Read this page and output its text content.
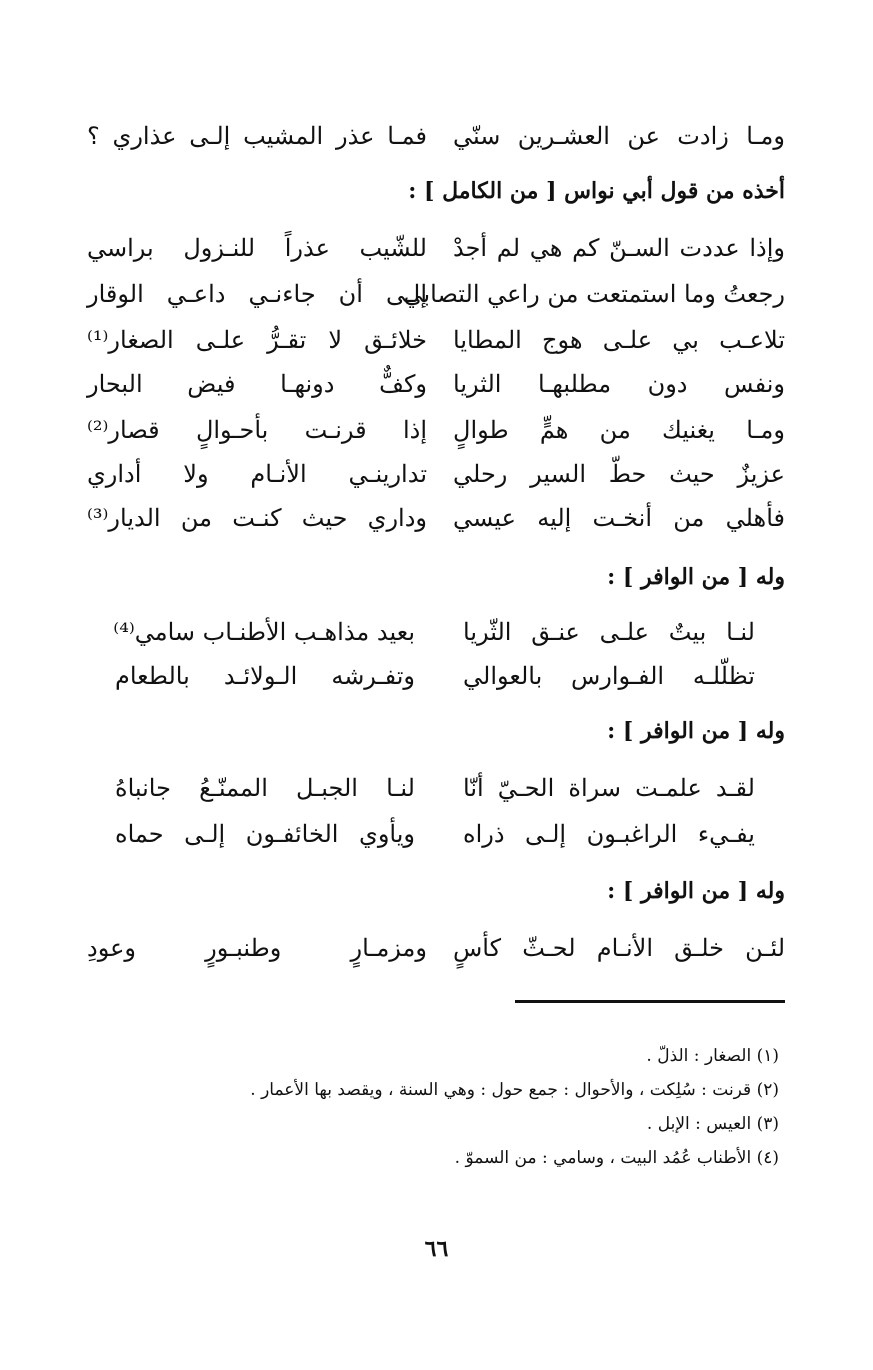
ومـا زادت عن العشـرين سنّي
فمـا عذر المشيب إلـى عذاري ؟
أخذه من قول أبي نواس [ من الكامل ] :
وإذا عددت السـنّ كم هي لم أجدْ
للشّيب عذراً للنـزول براسي
رجعتُ وما استمتعت من راعي التصابي
إلـى أن جاءنـي داعـي الوقار
تلاعـب بي علـى هوج المطايا
خلائـق لا تقـرُّ علـى الصغار⁽¹⁾
ونفس دون مطلبهـا الثريا
وكفٌّ دونهـا فيض البحار
ومـا يغنيك من همٍّ طوالٍ
إذا قرنـت بأحـوالٍ قصار⁽²⁾
عزيزٌ حيث حطّ السير رحلي
تدارينـي الأنـام ولا أداري
فأهلي من أنخـت إليه عيسي
وداري حيث كنـت من الديار⁽³⁾
وله [ من الوافر ] :
لنـا بيتٌ علـى عنـق الثّريا
بعيد مذاهـب الأطنـاب سامي⁽⁴⁾
تظلّلـه الفـوارس بالعوالي
وتفـرشه الـولائـد بالطعام
وله [ من الوافر ] :
لقـد علمـت سراة الحـيّ أنّا
لنـا الجبـل الممنّـعُ جانباهُ
يفـيء الراغبـون إلـى ذراه
ويأوي الخائفـون إلـى حماه
وله [ من الوافر ] :
لئـن خلـق الأنـام لحـثّ كأسٍ
ومزمـارٍ وطنبـورٍ وعودِ
(١) الصغار : الذلّ .
(٢) قرنت : سُلِكت ، والأحوال : جمع حول : وهي السنة ، ويقصد بها الأعمار .
(٣) العيس : الإبل .
(٤) الأطناب عُمُد البيت ، وسامي : من السموّ .
٦٦
